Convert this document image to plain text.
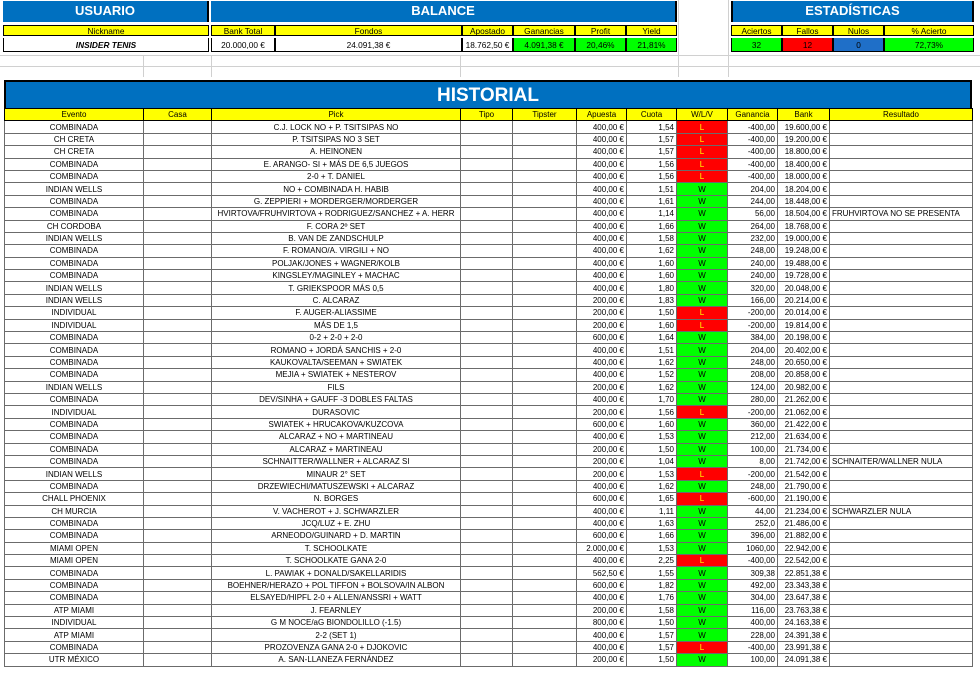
USUARIO
Nickname
INSIDER TENIS
BALANCE
Bank Total	Fondos	Apostado	Ganancias	Profit	Yield
20.000,00 €	24.091,38 €	18.762,50 €	4.091,38 €	20,46%	21,81%
ESTADÍSTICAS
Aciertos	Fallos	Nulos	% Acierto
32	12	0	72,73%
HISTORIAL
Evento	Casa	Pick	Tipo	Tipster	Apuesta	Cuota	W/L/V	Ganancia	Bank	Resultado
COMBINADA		C.J. LOCK NO + P. TSITSIPAS NO			400,00 €	1,54	L	-400,00	19.600,00 €	
CH CRETA		P. TSITSIPAS NO 3 SET			400,00 €	1,57	L	-400,00	19.200,00 €	
CH CRETA		A. HEINONEN			400,00 €	1,57	L	-400,00	18.800,00 €	
COMBINADA		E. ARANGO- SI + MÁS DE 6,5 JUEGOS			400,00 €	1,56	L	-400,00	18.400,00 €	
COMBINADA		2-0 + T. DANIEL			400,00 €	1,56	L	-400,00	18.000,00 €	
INDIAN WELLS		NO + COMBINADA H. HABIB			400,00 €	1,51	W	204,00	18.204,00 €	
COMBINADA		G. ZEPPIERI + MORDERGER/MORDERGER			400,00 €	1,61	W	244,00	18.448,00 €	
COMBINADA		HVIRTOVA/FRUHVIRTOVA + RODRIGUEZ/SANCHEZ + A. HERR			400,00 €	1,14	W	56,00	18.504,00 €	FRUHVIRTOVA NO SE PRESENTA
CH CORDOBA		F. CORA 2º SET			400,00 €	1,66	W	264,00	18.768,00 €	
INDIAN WELLS		B. VAN DE ZANDSCHULP			400,00 €	1,58	W	232,00	19.000,00 €	
COMBINADA		F. ROMANO/A. VIRGILI + NO			400,00 €	1,62	W	248,00	19.248,00 €	
COMBINADA		POLJAK/JONES + WAGNER/KOLB			400,00 €	1,60	W	240,00	19.488,00 €	
COMBINADA		KINGSLEY/MAGINLEY + MACHAC			400,00 €	1,60	W	240,00	19.728,00 €	
INDIAN WELLS		T. GRIEKSPOOR MÁS 0,5			400,00 €	1,80	W	320,00	20.048,00 €	
INDIAN WELLS		C. ALCARAZ			200,00 €	1,83	W	166,00	20.214,00 €	
INDIVIDUAL		F. AUGER-ALIASSIME			200,00 €	1,50	L	-200,00	20.014,00 €	
INDIVIDUAL		MÁS DE 1,5			200,00 €	1,60	L	-200,00	19.814,00 €	
COMBINADA		0-2 + 2-0 + 2-0			600,00 €	1,64	W	384,00	20.198,00 €	
COMBINADA		ROMANO + JORDÁ SANCHIS + 2-0			400,00 €	1,51	W	204,00	20.402,00 €	
COMBINADA		KAUKOVALTA/SEEMAN + SWIATEK			400,00 €	1,62	W	248,00	20.650,00 €	
COMBINADA		MEJIA + SWIATEK + NESTEROV			400,00 €	1,52	W	208,00	20.858,00 €	
INDIAN WELLS		FILS			200,00 €	1,62	W	124,00	20.982,00 €	
COMBINADA		DEV/SINHA + GAUFF -3 DOBLES FALTAS			400,00 €	1,70	W	280,00	21.262,00 €	
INDIVIDUAL		DURASOVIC			200,00 €	1,56	L	-200,00	21.062,00 €	
COMBINADA		SWIATEK + HRUCAKOVA/KUZCOVA			600,00 €	1,60	W	360,00	21.422,00 €	
COMBINADA		ALCARAZ + NO + MARTINEAU			400,00 €	1,53	W	212,00	21.634,00 €	
COMBINADA		ALCARAZ + MARTINEAU			200,00 €	1,50	W	100,00	21.734,00 €	
COMBINADA		SCHNAITTER/WALLNER + ALCARAZ SI			200,00 €	1,04	W	8,00	21.742,00 €	SCHNAITER/WALLNER NULA
INDIAN WELLS		MINAUR 2° SET			200,00 €	1,53	L	-200,00	21.542,00 €	
COMBINADA		DRZEWIECHI/MATUSZEWSKI + ALCARAZ			400,00 €	1,62	W	248,00	21.790,00 €	
CHALL PHOENIX		N. BORGES			600,00 €	1,65	L	-600,00	21.190,00 €	
CH MURCIA		V. VACHEROT + J. SCHWARZLER			400,00 €	1,11	W	44,00	21.234,00 €	SCHWARZLER NULA
COMBINADA		JCQ/LUZ + E. ZHU			400,00 €	1,63	W	252,0	21.486,00 €	
COMBINADA		ARNEODO/GUINARD + D. MARTIN			600,00 €	1,66	W	396,00	21.882,00 €	
MIAMI OPEN		T. SCHOOLKATE			2.000,00 €	1,53	W	1060,00	22.942,00 €	
MIAMI OPEN		T. SCHOOLKATE GANA 2-0			400,00 €	2,25	L	-400,00	22.542,00 €	
COMBINADA		L. PAWIAK + DONALD/SAKELLARIDIS			562,50 €	1,55	W	309,38	22.851,38 €	
COMBINADA		BOEHNER/HERAZO + POL TIFFON + BOLSOVA/IN ALBON			600,00 €	1,82	W	492,00	23.343,38 €	
COMBINADA		ELSAYED/HIPFL 2-0 + ALLEN/ANSSRI + WATT			400,00 €	1,76	W	304,00	23.647,38 €	
ATP MIAMI		J. FEARNLEY			200,00 €	1,58	W	116,00	23.763,38 €	
INDIVIDUAL		G M NOCE/aG BIONDOLILLO (-1.5)			800,00 €	1,50	W	400,00	24.163,38 €	
ATP MIAMI		2-2 (SET 1)			400,00 €	1,57	W	228,00	24.391,38 €	
COMBINADA		PROZOVENZA GANA 2-0 + DJOKOVIC			400,00 €	1,57	L	-400,00	23.991,38 €	
UTR MÉXICO		A. SAN-LLANEZA FERNÁNDEZ			200,00 €	1,50	W	100,00	24.091,38 €	
